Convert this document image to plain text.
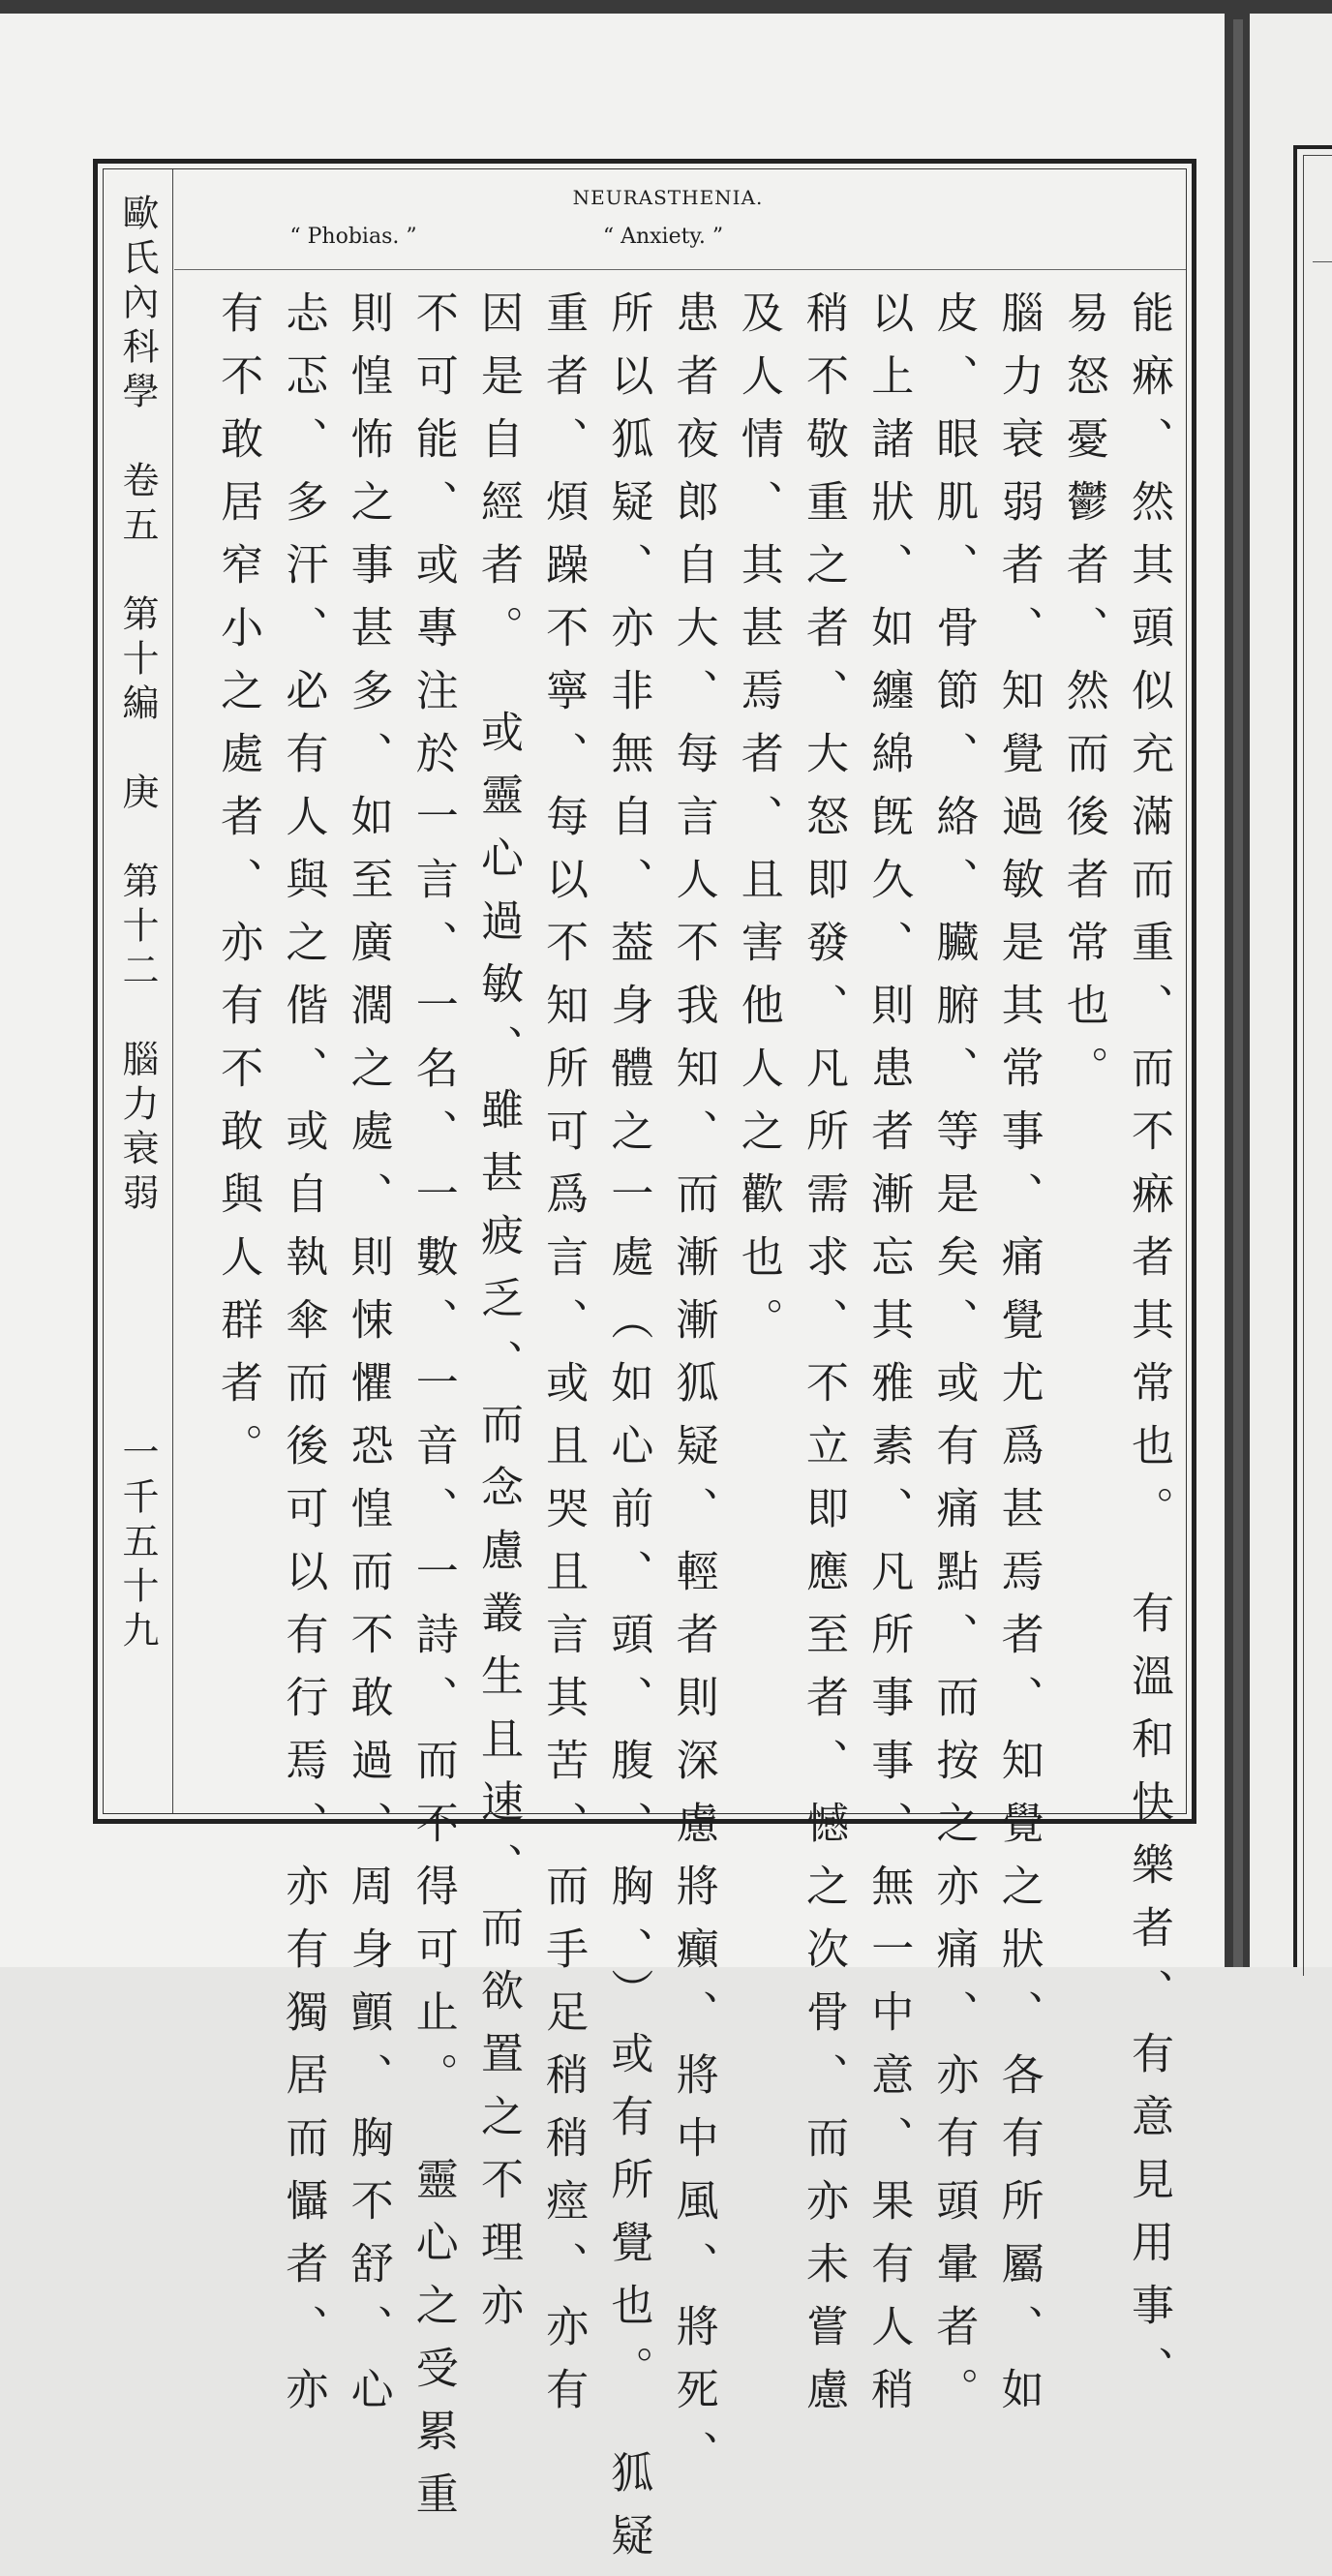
NEURASTHENIA.
“ Phobias. ”	“ Anxiety. ”
歐氏內科學　卷五　第十編　庚　第十二　腦力衰弱
一千五十九	能痳、然其頭似充滿而重、而不痳者其常也。　有溫和快樂者、有意見用事、
易怒憂鬱者、然而後者常也。
腦力衰弱者、知覺過敏是其常事、痛覺尤爲甚焉者、知覺之狀、各有所屬、如
皮、眼肌、骨節、絡、臟腑、等是矣、或有痛點、而按之亦痛、亦有頭暈者。
以上諸狀、如纏綿旣久、則患者漸忘其雅素、凡所事事、無一中意、果有人稍
稍不敬重之者、大怒即發、凡所需求、不立即應至者、憾之次骨、而亦未嘗慮
及人情、其甚焉者、且害他人之歡也。
患者夜郎自大、每言人不我知、而漸漸狐疑、輕者則深慮將癲、將中風、將死、
所以狐疑、亦非無自、葢身體之一處（如心前、頭、腹、胸、）或有所覺也。　狐疑
重者、煩躁不寧、每以不知所可爲言、或且哭且言其苦、而手足稍稍痙、亦有
因是自經者。　或靈心過敏、雖甚疲乏、而念慮叢生且速、而欲置之不理亦
不可能、或專注於一言、一名、一數、一音、一詩、而不得可止。　靈心之受累重
則惶怖之事甚多、如至廣濶之處、則悚懼恐惶而不敢過、周身顫、胸不舒、心
忐忑、多汗、必有人與之偕、或自執傘而後可以有行焉、亦有獨居而懾者、亦
有不敢居窄小之處者、亦有不敢與人群者。
